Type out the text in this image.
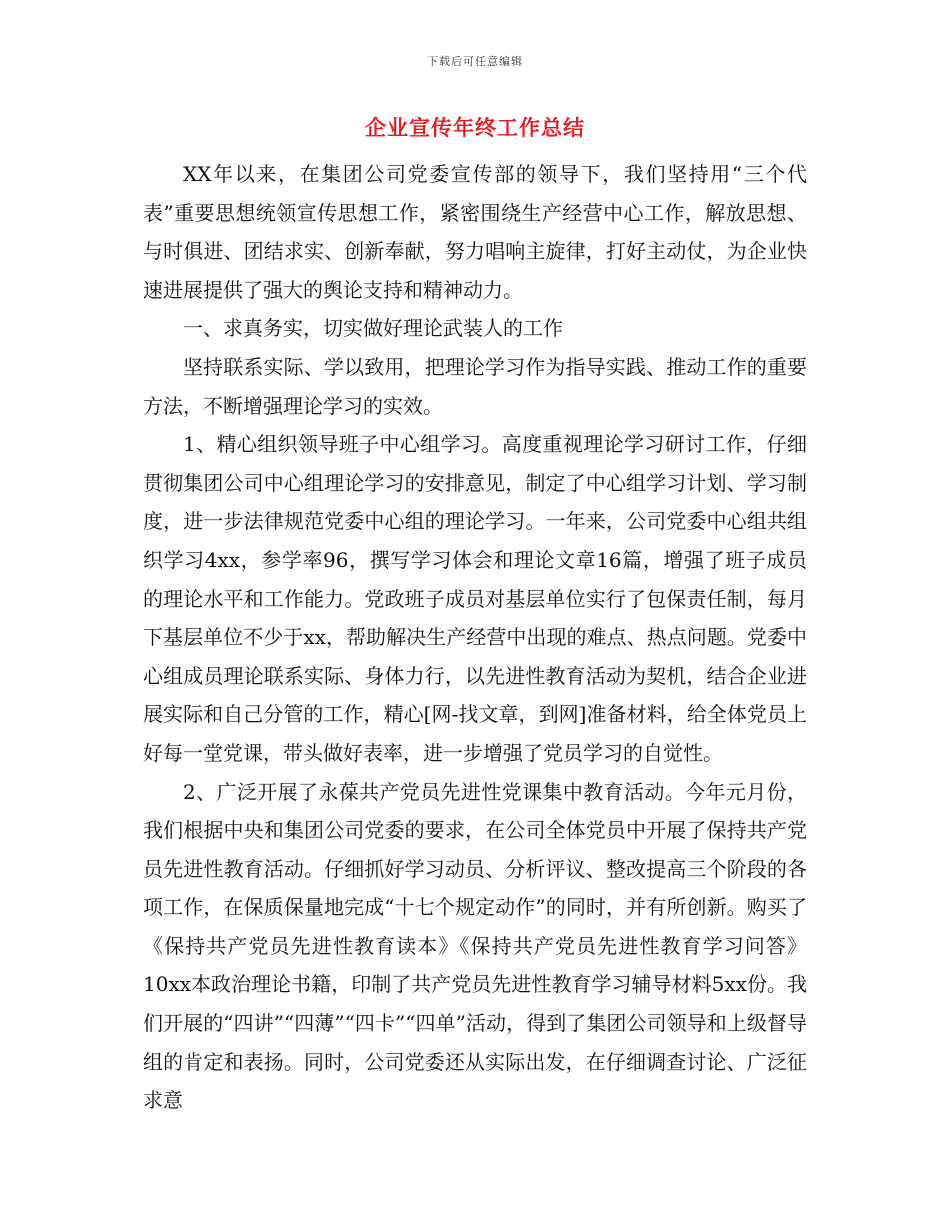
下载后可任意编辑
企业宣传年终工作总结

XX年以来，在集团公司党委宣传部的领导下，我们坚持用“三个代表”重要思想统领宣传思想工作，紧密围绕生产经营中心工作，解放思想、与时俱进、团结求实、创新奉献，努力唱响主旋律，打好主动仗，为企业快速进展提供了强大的舆论支持和精神动力。

一、求真务实，切实做好理论武装人的工作

坚持联系实际、学以致用，把理论学习作为指导实践、推动工作的重要方法，不断增强理论学习的实效。

1、精心组织领导班子中心组学习。高度重视理论学习研讨工作，仔细贯彻集团公司中心组理论学习的安排意见，制定了中心组学习计划、学习制度，进一步法律规范党委中心组的理论学习。一年来，公司党委中心组共组织学习4xx，参学率96，撰写学习体会和理论文章16篇，增强了班子成员的理论水平和工作能力。党政班子成员对基层单位实行了包保责任制，每月下基层单位不少于xx，帮助解决生产经营中出现的难点、热点问题。党委中心组成员理论联系实际、身体力行，以先进性教育活动为契机，结合企业进展实际和自己分管的工作，精心[网-找文章，到网]准备材料，给全体党员上好每一堂党课，带头做好表率，进一步增强了党员学习的自觉性。

2、广泛开展了永葆共产党员先进性党课集中教育活动。今年元月份，我们根据中央和集团公司党委的要求，在公司全体党员中开展了保持共产党员先进性教育活动。仔细抓好学习动员、分析评议、整改提高三个阶段的各项工作，在保质保量地完成“十七个规定动作”的同时，并有所创新。购买了《保持共产党员先进性教育读本》《保持共产党员先进性教育学习问答》10xx本政治理论书籍，印制了共产党员先进性教育学习辅导材料5xx份。我们开展的“四讲”“四薄”“四卡”“四单”活动，得到了集团公司领导和上级督导组的肯定和表扬。同时，公司党委还从实际出发，在仔细调查讨论、广泛征求意
